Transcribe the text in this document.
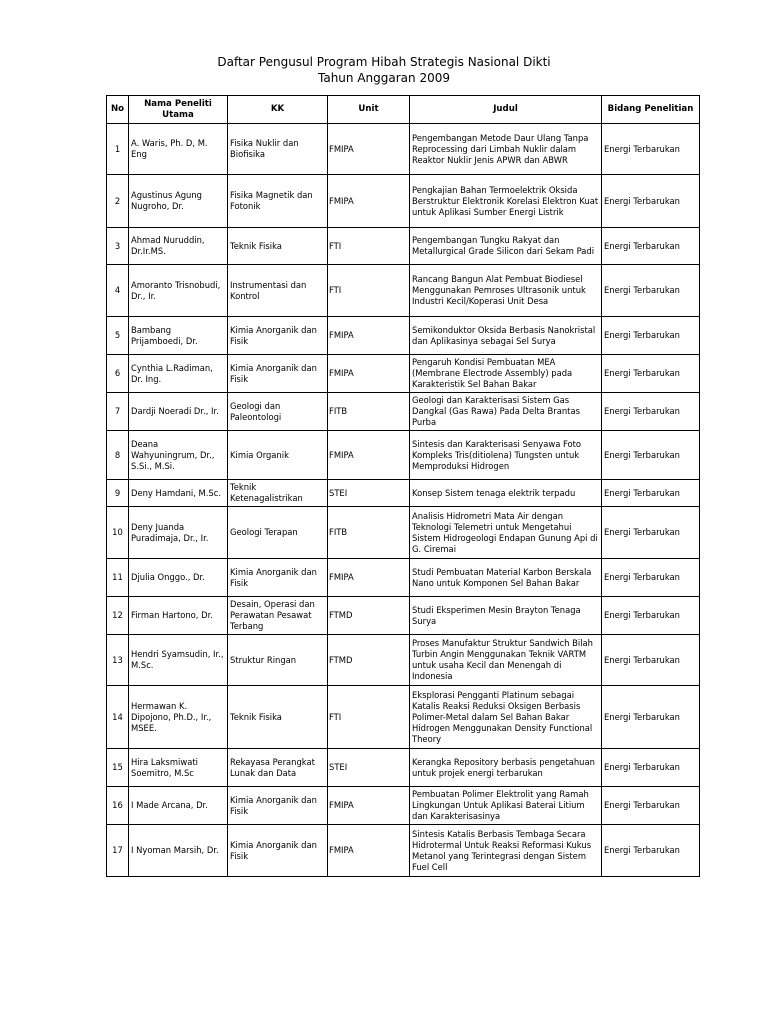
Daftar Pengusul Program Hibah Strategis Nasional Dikti
Tahun Anggaran 2009
No	Nama Peneliti Utama	KK	Unit	Judul	Bidang Penelitian
1	A. Waris, Ph. D, M. Eng	Fisika Nuklir dan Biofisika	FMIPA	Pengembangan Metode Daur Ulang Tanpa Reprocessing dari Limbah Nuklir dalam Reaktor Nuklir Jenis APWR dan ABWR	Energi Terbarukan
2	Agustinus Agung Nugroho, Dr.	Fisika Magnetik dan Fotonik	FMIPA	Pengkajian Bahan Termoelektrik Oksida Berstruktur Elektronik Korelasi Elektron Kuat untuk Aplikasi Sumber Energi Listrik	Energi Terbarukan
3	Ahmad Nuruddin, Dr.Ir.MS.	Teknik Fisika	FTI	Pengembangan Tungku Rakyat dan Metallurgical Grade Silicon dari Sekam Padi	Energi Terbarukan
4	Amoranto Trisnobudi, Dr., Ir.	Instrumentasi dan Kontrol	FTI	Rancang Bangun Alat Pembuat Biodiesel Menggunakan Pemroses Ultrasonik untuk Industri Kecil/Koperasi Unit Desa	Energi Terbarukan
5	Bambang Prijamboedi, Dr.	Kimia Anorganik dan Fisik	FMIPA	Semikonduktor Oksida Berbasis Nanokristal dan Aplikasinya sebagai Sel Surya	Energi Terbarukan
6	Cynthia L.Radiman, Dr. Ing.	Kimia Anorganik dan Fisik	FMIPA	Pengaruh Kondisi Pembuatan MEA (Membrane Electrode Assembly) pada Karakteristik Sel Bahan Bakar	Energi Terbarukan
7	Dardji Noeradi Dr., Ir.	Geologi dan Paleontologi	FITB	Geologi dan Karakterisasi Sistem Gas Dangkal (Gas Rawa) Pada Delta Brantas Purba	Energi Terbarukan
8	Deana Wahyuningrum, Dr., S.Si., M.Si.	Kimia Organik	FMIPA	Sintesis dan Karakterisasi Senyawa Foto Kompleks Tris(ditiolena) Tungsten untuk Memproduksi Hidrogen	Energi Terbarukan
9	Deny Hamdani, M.Sc.	Teknik Ketenagalistrikan	STEI	Konsep Sistem tenaga elektrik terpadu	Energi Terbarukan
10	Deny Juanda Puradimaja, Dr., Ir.	Geologi Terapan	FITB	Analisis Hidrometri Mata Air dengan Teknologi Telemetri untuk Mengetahui Sistem Hidrogeologi Endapan Gunung Api di G. Ciremai	Energi Terbarukan
11	Djulia Onggo., Dr.	Kimia Anorganik dan Fisik	FMIPA	Studi Pembuatan Material Karbon Berskala Nano untuk Komponen Sel Bahan Bakar	Energi Terbarukan
12	Firman Hartono, Dr.	Desain, Operasi dan Perawatan Pesawat Terbang	FTMD	Studi Eksperimen Mesin Brayton Tenaga Surya	Energi Terbarukan
13	Hendri Syamsudin, Ir., M.Sc.	Struktur Ringan	FTMD	Proses Manufaktur Struktur Sandwich Bilah Turbin Angin Menggunakan Teknik VARTM untuk usaha Kecil dan Menengah di Indonesia	Energi Terbarukan
14	Hermawan K. Dipojono, Ph.D., Ir., MSEE.	Teknik Fisika	FTI	Eksplorasi Pengganti Platinum sebagai Katalis Reaksi Reduksi Oksigen Berbasis Polimer-Metal dalam Sel Bahan Bakar Hidrogen Menggunakan Density Functional Theory	Energi Terbarukan
15	Hira Laksmiwati Soemitro, M.Sc	Rekayasa Perangkat Lunak dan Data	STEI	Kerangka Repository berbasis pengetahuan untuk projek energi terbarukan	Energi Terbarukan
16	I Made Arcana, Dr.	Kimia Anorganik dan Fisik	FMIPA	Pembuatan Polimer Elektrolit yang Ramah Lingkungan Untuk Aplikasi Baterai Litium dan Karakterisasinya	Energi Terbarukan
17	I Nyoman Marsih, Dr.	Kimia Anorganik dan Fisik	FMIPA	Sintesis Katalis Berbasis Tembaga Secara Hidrotermal Untuk Reaksi Reformasi Kukus Metanol yang Terintegrasi dengan Sistem Fuel Cell	Energi Terbarukan
